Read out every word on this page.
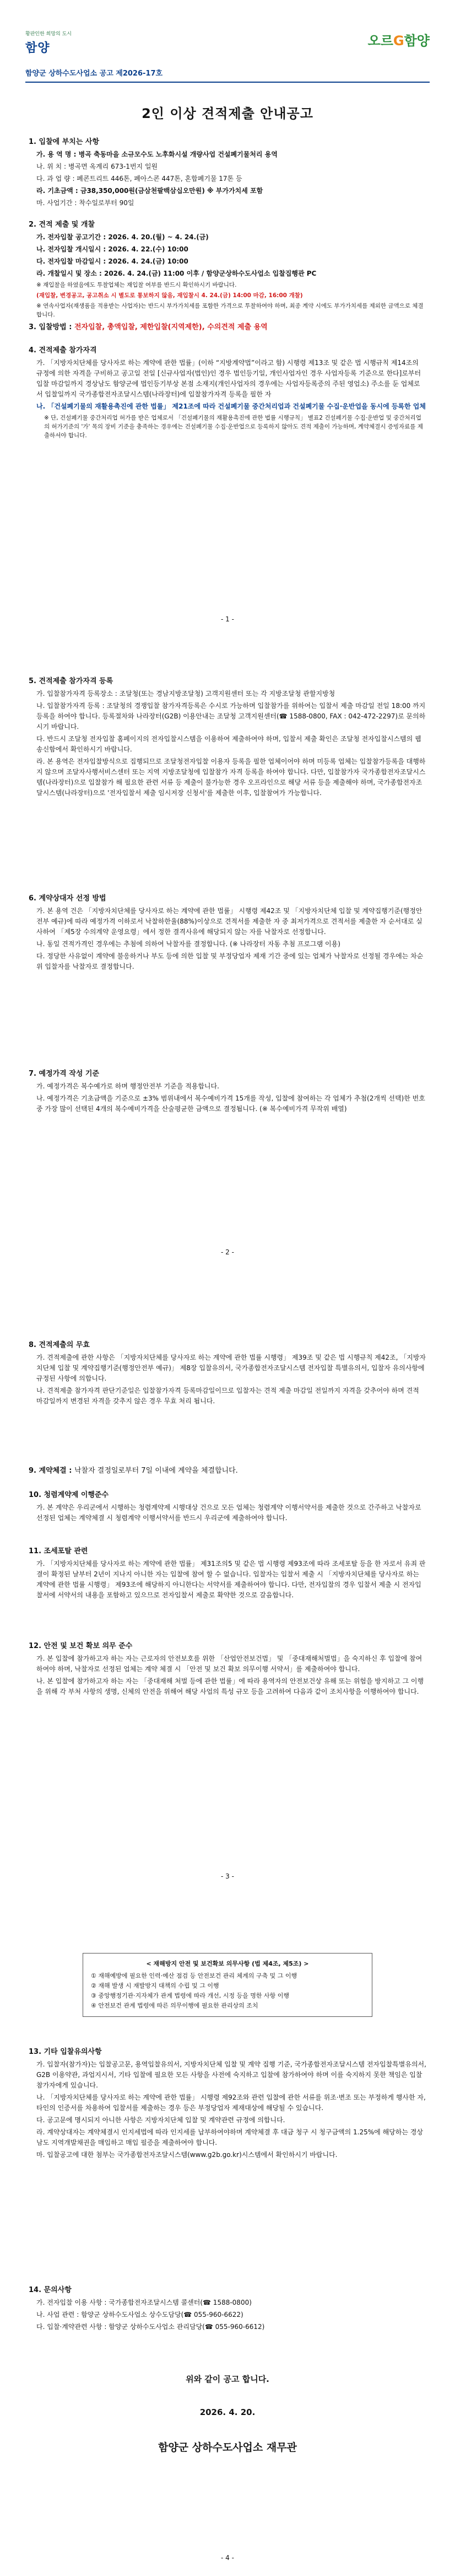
황판인한 희망의 도시
함양	오르G함양
함양군 상하수도사업소 공고 제2026-17호
2인 이상 견적제출 안내공고
1. 입찰에 부치는 사항

가. 용 역 명 : 병곡 축동마을 소규모수도 노후화시설 개량사업 건설폐기물처리 용역

나. 위 치 : 병곡면 옥계리 673-1번지 일원

다. 과 업 량 : 폐콘트리트 446톤, 폐아스콘 447톤, 혼합폐기물 17톤 등

라. 기초금액 : 금38,350,000원(금삼천팔백삼십오만원) ※ 부가가치세 포함

마. 사업기간 : 착수일로부터 90일

2. 견적 제출 및 개찰

가. 전자입찰 공고기간 : 2026. 4. 20.(월) ~ 4. 24.(금)

나. 전자입찰 개시일시 : 2026. 4. 22.(수) 10:00

다. 전자입찰 마감일시 : 2026. 4. 24.(금) 10:00

라. 개찰일시 및 장소 : 2026. 4. 24.(금) 11:00 이후 / 함양군상하수도사업소 입찰집행관 PC

※ 재입찰을 하였음에도 투찰업체는 재입찰 여부를 반드시 확인하시기 바랍니다.

(재입찰, 변경공고, 공고취소 시 별도로 통보하지 않음, 재입찰시 4. 24.(금) 14:00 마감, 16:00 개찰)

※ 연속사업자(재생품을 적용받는 사업자)는 반드시 부가가치세를 포함한 가격으로 투찰하여야 하며, 최종 계약 시에도 부가가치세를 제외한 금액으로 체결합니다.

3. 입찰방법 : 전자입찰, 총액입찰, 제한입찰(지역제한), 수의견적 제출 용역
4. 견적제출 참가자격

가. 「지방자치단체를 당사자로 하는 계약에 관한 법률」(이하 “지방계약법”이라고 함) 시행령 제13조 및 같은 법 시행규칙 제14조의 규정에 의한 자격을 구비하고 공고일 전일 [신규사업자(법인)인 경우 법인등기일, 개인사업자인 경우 사업자등록 기준으로 한다]로부터 입찰 마감일까지 경상남도 함양군에 법인등기부상 본점 소재지(개인사업자의 경우에는 사업자등록증의 주된 영업소) 주소를 둔 업체로서 입찰일까지 국가종합전자조달시스템(나라장터)에 입찰참가자격 등록을 필한 자

나. 「건설폐기물의 재활용촉진에 관한 법률」 제21조에 따라 건설폐기물 중간처리업과 건설폐기물 수집·운반업을 동시에 등록한 업체

※ 단, 건설폐기물 중간처리업 허가를 받은 업체로서 「건설폐기물의 재활용촉진에 관한 법률 시행규칙」 별표2 건설폐기물 수집·운반업 및 중간처리업의 허가기준의 '가' 목의 장비 기준을 충족하는 경우에는 건설폐기물 수집·운반업으로 등록하지 않아도 견적 제출이 가능하며, 계약체결시 증빙자료를 제출하셔야 합니다.

- 1 -
5. 견적제출 참가자격 등록

가. 입찰참가자격 등록장소 : 조달청(또는 경남지방조달청) 고객지원센터 또는 각 지방조달청 관할지방청

나. 입찰참가자격 등록 : 조달청의 경쟁입찰 참가자격등록은 수시로 가능하며 입찰참가를 위하여는 입찰서 제출 마감일 전일 18:00 까지 등록을 하여야 합니다. 등록절차와 나라장터(G2B) 이용안내는 조달청 고객지원센터(☎ 1588-0800, FAX : 042-472-2297)로 문의하시기 바랍니다.

다. 반드시 조달청 전자입찰 홈페이지의 전자입찰시스템을 이용하여 제출하여야 하며, 입찰서 제출 확인은 조달청 전자입찰시스템의 웹 송신함에서 확인하시기 바랍니다.

라. 본 용역은 전자입찰방식으로 집행되므로 조달청전자입찰 이용자 등록을 필한 업체이어야 하며 미등록 업체는 입찰참가등록을 대행하지 않으며 조달자사행서비스센터 또는 지역 지방조달청에 입찰참가 자격 등록을 하여야 합니다. 다만, 입찰참가자 국가종합전자조달시스템(나라장터)으로 입찰참가 해 필요한 관련 서류 등 제출이 불가능한 경우 오프라인으로 해당 서류 등을 제출해야 하며, 국가종합전자조달시스템(나라장터)으로 '전자입찰서 제출 임시저장 신청서'를 제출한 이후, 입찰참여가 가능합니다.

6. 계약상대자 선정 방법

가. 본 용역 건은 「지방자치단체를 당사자로 하는 계약에 관한 법률」 시행령 제42조 및 「지방자치단체 입찰 및 계약집행기준(행정안전부 예규)에 따라 예정가격 이하로서 낙찰하한율(88%)이상으로 견적서를 제출한 자 중 최저가격으로 견적서를 제출한 자 순서대로 실사하여 「제5장 수의계약 운영요령」에서 정한 결격사유에 해당되지 않는 자를 낙찰자로 선정합니다.

나. 동일 견적가격인 경우에는 추첨에 의하여 낙찰자를 결정합니다. (※ 나라장터 자동 추첨 프로그램 이용)

다. 정당한 사유없이 계약에 불응하거나 부도 등에 의한 입찰 및 부정당업자 제재 기간 중에 있는 업체가 낙찰자로 선정될 경우에는 차순위 입찰자를 낙찰자로 결정합니다.

7. 예정가격 작성 기준

가. 예정가격은 복수예가로 하며 행정안전부 기준을 적용합니다.

나. 예정가격은 기초금액을 기준으로 ±3% 범위내에서 복수예비가격 15개를 작성, 입찰에 참여하는 각 업체가 추첨(2개씩 선택)한 번호 중 가장 많이 선택된 4개의 복수예비가격을 산술평균한 금액으로 결정됩니다. (※ 복수예비가격 무작위 배열)

- 2 -
8. 견적제출의 무효

가. 견적제출에 관한 사항은 「지방자치단체를 당사자로 하는 계약에 관한 법률 시행령」 제39조 및 같은 법 시행규칙 제42조, 「지방자치단체 입찰 및 계약집행기준(행정안전부 예규)」 제8장 입찰유의서, 국가종합전자조달시스템 전자입찰 특별유의서, 입찰자 유의사항에 규정된 사항에 의합니다.

나. 견적제출 참가자격 판단기준일은 입찰참가자격 등록마감일이므로 입찰자는 견적 제출 마감일 전일까지 자격을 갖추어야 하며 견적 마감일까지 변경된 자격을 갖추지 않은 경우 무효 처리 됩니다.

9. 계약체결 : 낙찰자 결정일로부터 7일 이내에 계약을 체결합니다.
10. 청렴계약제 이행준수

가. 본 계약은 우리군에서 시행하는 청렴계약제 시행대상 건으로 모든 업체는 청렴계약 이행서약서를 제출한 것으로 간주하고 낙찰자로 선정된 업체는 계약체결 시 청렴계약 이행서약서를 반드시 우리군에 제출하여야 합니다.

11. 조세포탈 관련

가. 「지방자치단체를 당사자로 하는 계약에 관한 법률」 제31조의5 및 같은 법 시행령 제93조에 따라 조세포탈 등을 한 자로서 유죄 판결이 확정된 날부터 2년이 지나지 아니한 자는 입찰에 참여 할 수 없습니다. 입찰자는 입찰서 제출 시 「지방자치단체를 당사자로 하는 계약에 관한 법률 시행령」 제93조에 해당하지 아니한다는 서약서를 제출하여야 합니다. 다만, 전자입찰의 경우 입찰서 제출 시 전자입찰서에 서약서의 내용을 포함하고 있으므로 전자입찰서 제출로 확약한 것으로 갈음합니다.

12. 안전 및 보건 확보 의무 준수

가. 본 입찰에 참가하고자 하는 자는 근로자의 안전보호를 위한 「산업안전보건법」 및 「중대재해처벌법」을 숙지하신 후 입찰에 참여하여야 하며, 낙찰자로 선정된 업체는 계약 체결 시 「안전 및 보건 확보 의무이행 서약서」를 제출하여야 합니다.

나. 본 입찰에 참가하고자 하는 자는 「중대재해 처벌 등에 관한 법률」에 따라 용역자의 안전보건상 유해 또는 위험을 방지하고 그 이행을 위해 각 부처 사항의 생명, 신체의 안전을 위해여 해당 사업의 특성 규모 등을 고려하여 다음과 같이 조치사항을 이행하여야 합니다.

- 3 -
< 재해방지 안전 및 보건확보 의무사항 (법 제4조, 제5조) >
① 재해예방에 필요한 인력·예산 점검 등 안전보건 관리 체계의 구축 및 그 이행
② 재해 발생 시 재발방지 대책의 수립 및 그 이행
③ 중앙행정기관·지자체가 관계 법령에 따라 개선, 시정 등을 명한 사항 이행
④ 안전보건 관계 법령에 따른 의무이행에 필요한 관리상의 조치
13. 기타 입찰유의사항

가. 입찰자(참가자)는 입찰공고문, 용역입찰유의서, 지방자치단체 입찰 및 계약 집행 기준, 국가종합전자조달시스템 전자입찰특별유의서, G2B 이용약관, 과업지시서, 기타 입찰에 필요한 모든 사항을 사전에 숙지하고 입찰에 참가하여야 하며 이를 숙지하지 못한 책임은 입찰참가자에게 있습니다.

나. 「지방자치단체를 당사자로 하는 계약에 관한 법률」 시행령 제92조와 관련 입찰에 관한 서류를 위조·변조 또는 부정하게 행사한 자, 타인의 인증서를 차용하여 입찰서를 제출하는 경우 등은 부정당업자 제재대상에 해당될 수 있습니다.

다. 공고문에 명시되지 아니한 사항은 지방자치단체 입찰 및 계약관련 규정에 의합니다.

라. 계약상대자는 계약체결시 인지세법에 따라 인지세를 납부하여야하며 계약체결 후 대금 청구 시 청구금액의 1.25%에 해당하는 경상남도 지역개발채권을 매입하고 매입 필증을 제출하여야 합니다.

마. 입찰공고에 대한 첨부는 국가종합전자조달시스템(www.g2b.go.kr)시스템에서 확인하시기 바랍니다.

14. 문의사항

가. 전자입찰 이용 사항 : 국가종합전자조달시스템 콜센터(☎ 1588-0800)

나. 사업 관련 : 함양군 상하수도사업소 상수도담당(☎ 055-960-6622)

다. 입찰·계약관련 사항 : 함양군 상하수도사업소 관리담당(☎ 055-960-6612)

위와 같이 공고 합니다.
2026. 4. 20.
함양군 상하수도사업소 재무관
- 4 -
